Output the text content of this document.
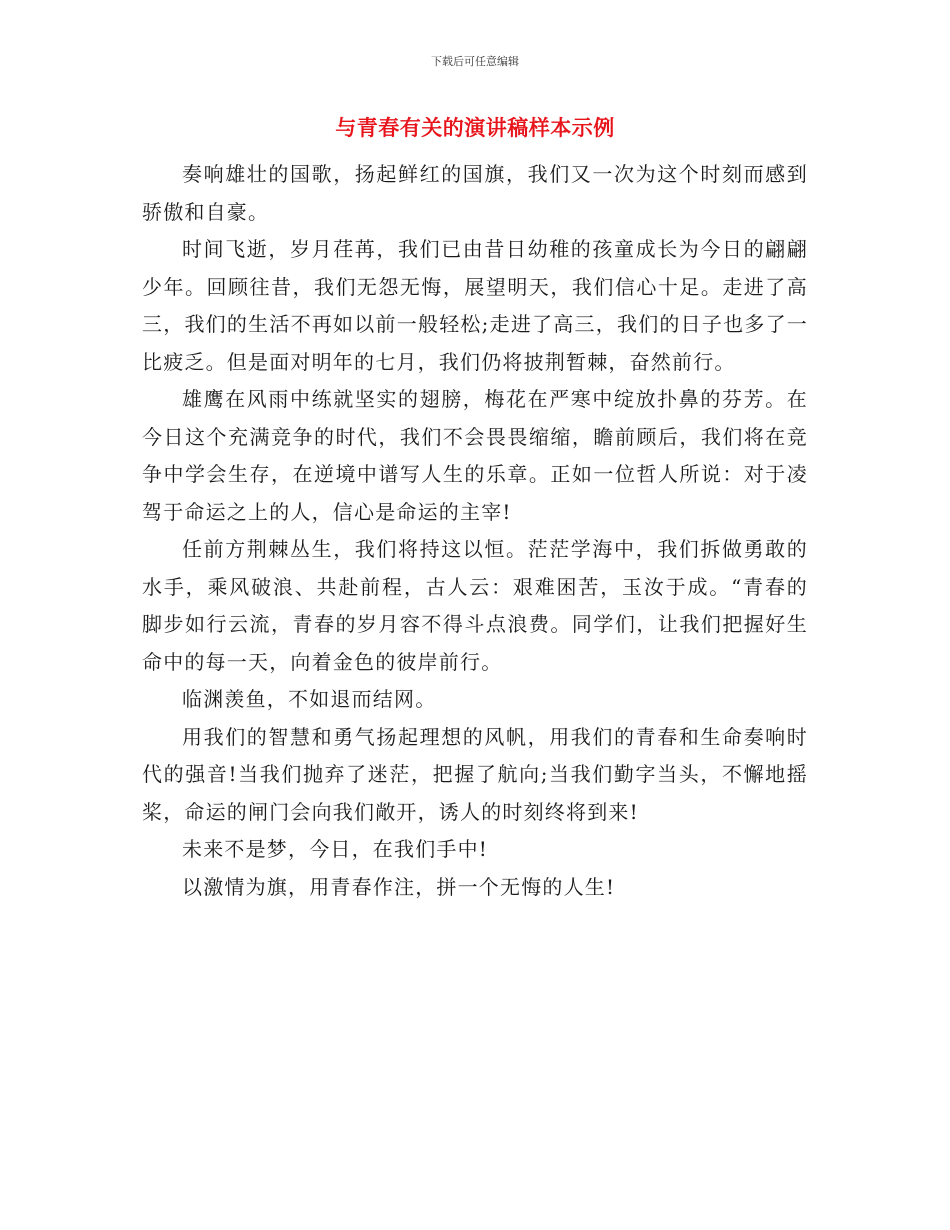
下载后可任意编辑
与青春有关的演讲稿样本示例

奏响雄壮的国歌，扬起鲜红的国旗，我们又一次为这个时刻而感到骄傲和自豪。

时间飞逝，岁月荏苒，我们已由昔日幼稚的孩童成长为今日的翩翩少年。回顾往昔，我们无怨无悔，展望明天，我们信心十足。走进了高三，我们的生活不再如以前一般轻松;走进了高三，我们的日子也多了一比疲乏。但是面对明年的七月，我们仍将披荆暂棘，奋然前行。

雄鹰在风雨中练就坚实的翅膀，梅花在严寒中绽放扑鼻的芬芳。在今日这个充满竞争的时代，我们不会畏畏缩缩，瞻前顾后，我们将在竞争中学会生存，在逆境中谱写人生的乐章。正如一位哲人所说：对于凌驾于命运之上的人，信心是命运的主宰!

任前方荆棘丛生，我们将持这以恒。茫茫学海中，我们拆做勇敢的水手，乘风破浪、共赴前程，古人云：艰难困苦，玉汝于成。“青春的脚步如行云流，青春的岁月容不得斗点浪费。同学们，让我们把握好生命中的每一天，向着金色的彼岸前行。

临渊羡鱼，不如退而结网。

用我们的智慧和勇气扬起理想的风帆，用我们的青春和生命奏响时代的强音!当我们抛弃了迷茫，把握了航向;当我们勤字当头，不懈地摇桨，命运的闸门会向我们敞开，诱人的时刻终将到来!

未来不是梦，今日，在我们手中!

以激情为旗，用青春作注，拼一个无悔的人生!
